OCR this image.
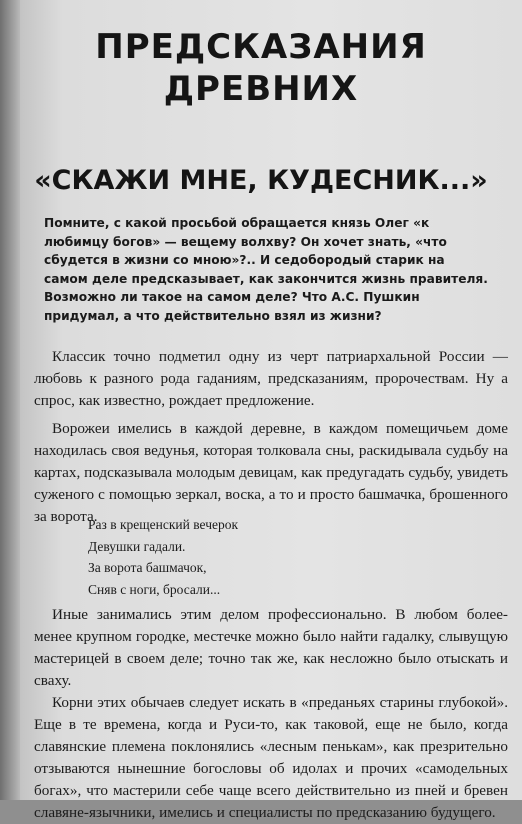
ПРЕДСКАЗАНИЯ
ДРЕВНИХ
«СКАЖИ МНЕ, КУДЕСНИК...»

Помните, с какой просьбой обращается князь Олег «к любимцу богов» — вещему волхву? Он хочет знать, «что сбудется в жизни со мною»?.. И седобородый старик на самом деле предсказывает, как закончится жизнь правителя.

Возможно ли такое на самом деле? Что А.С. Пушкин придумал, а что действительно взял из жизни?

Классик точно подметил одну из черт патриархальной России — любовь к разного рода гаданиям, предсказаниям, пророчествам. Ну а спрос, как известно, рождает предложение.

Ворожеи имелись в каждой деревне, в каждом помещичьем доме находилась своя ведунья, которая толковала сны, раскидывала судьбу на картах, подсказывала молодым девицам, как предугадать судьбу, увидеть суженого с помощью зеркал, воска, а то и просто башмачка, брошенного за ворота.

Раз в крещенский вечерок
Девушки гадали.
За ворота башмачок,
Сняв с ноги, бросали...

Иные занимались этим делом профессионально. В любом более-менее крупном городке, местечке можно было найти гадалку, слывущую мастерицей в своем деле; точно так же, как несложно было отыскать и сваху.

Корни этих обычаев следует искать в «преданьях старины глубокой». Еще в те времена, когда и Руси-то, как таковой, еще не было, когда славянские племена поклонялись «лесным пенькам», как презрительно отзываются нынешние богословы об идолах и прочих «самодельных богах», что мастерили себе чаще всего действительно из пней и бревен славяне-язычники, имелись и специалисты по предсказанию будущего.
